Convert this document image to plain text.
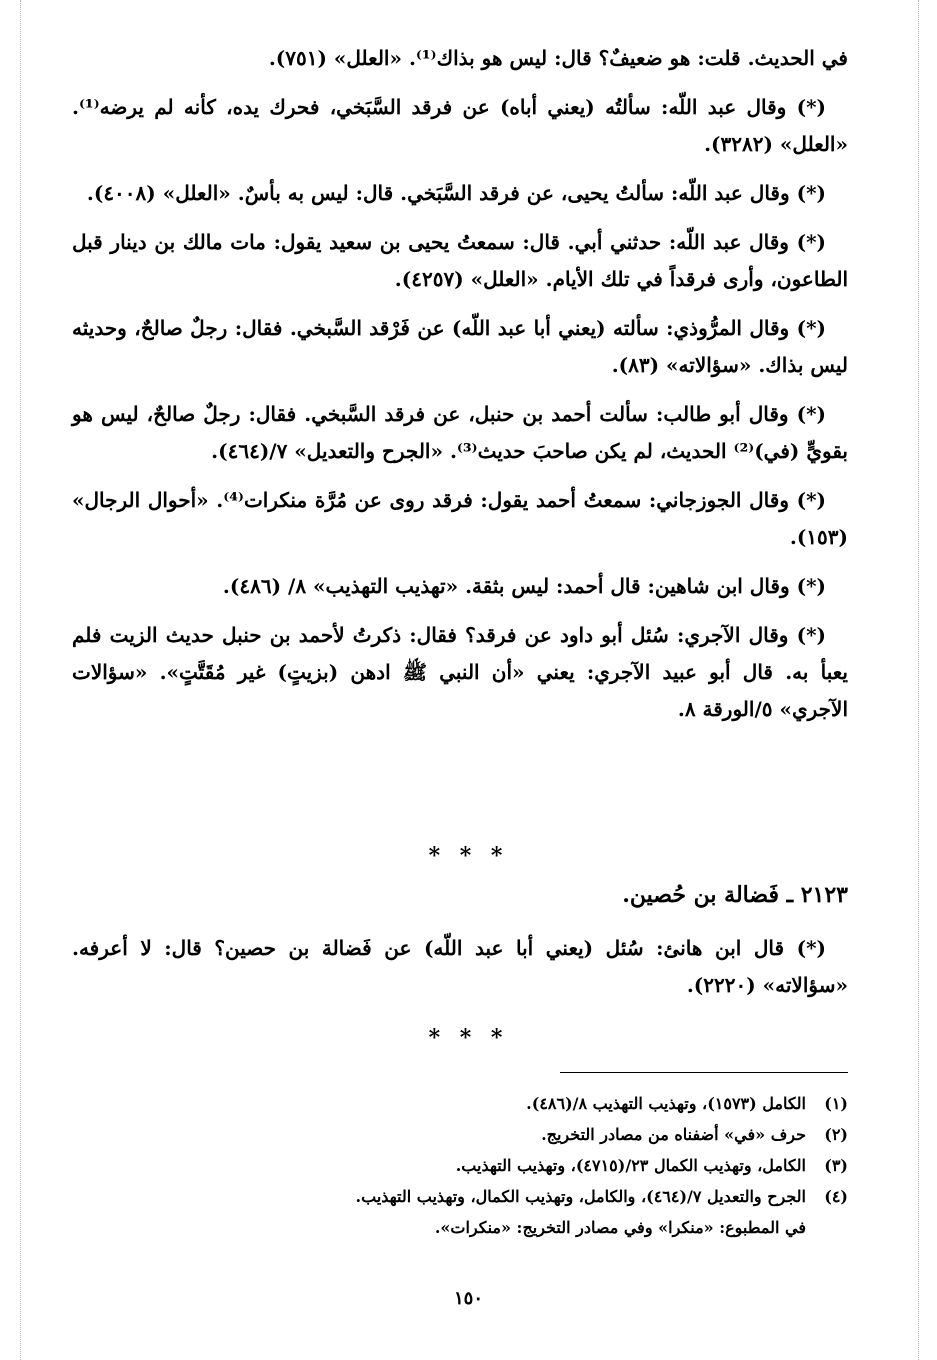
في الحديث. قلت: هو ضعيفٌ؟ قال: ليس هو بذاك⁽¹⁾. «العلل» (٧٥١).

(*) وقال عبد اللّه: سألتُه (يعني أباه) عن فرقد السَّبَخي، فحرك يده، كأنه لم يرضه⁽¹⁾. «العلل» (٣٢٨٢).

(*) وقال عبد اللّه: سألتُ يحيى، عن فرقد السَّبَخي. قال: ليس به بأسٌ. «العلل» (٤٠٠٨).

(*) وقال عبد اللّه: حدثني أبي. قال: سمعتُ يحيى بن سعيد يقول: مات مالك بن دينار قبل الطاعون، وأرى فرقداً في تلك الأيام. «العلل» (٤٢٥٧).

(*) وقال المرُّوذي: سألته (يعني أبا عبد اللّه) عن فَرْقد السَّبخي. فقال: رجلٌ صالحٌ، وحديثه ليس بذاك. «سؤالاته» (٨٣).

(*) وقال أبو طالب: سألت أحمد بن حنبل، عن فرقد السَّبخي. فقال: رجلٌ صالحٌ، ليس هو بقويٍّ (في)⁽²⁾ الحديث، لم يكن صاحبَ حديث⁽³⁾. «الجرح والتعديل» ٧/(٤٦٤).

(*) وقال الجوزجاني: سمعتُ أحمد يقول: فرقد روى عن مُرَّة منكرات⁽⁴⁾. «أحوال الرجال» (١٥٣).

(*) وقال ابن شاهين: قال أحمد: ليس بثقة. «تهذيب التهذيب» ٨/ (٤٨٦).

(*) وقال الآجري: سُئل أبو داود عن فرقد؟ فقال: ذكرتُ لأحمد بن حنبل حديث الزيت فلم يعبأ به. قال أبو عبيد الآجري: يعني «أن النبي ﷺ ادهن (بزيتٍ) غير مُقَتَّتٍ». «سؤالات الآجري» ٥/الورقة ٨.

* * *
٢١٢٣ ـ فَضالة بن حُصين.

(*) قال ابن هانئ: سُئل (يعني أبا عبد اللّه) عن فَضالة بن حصين؟ قال: لا أعرفه. «سؤالاته» (٢٢٢٠).

* * *
(١)
الكامل (١٥٧٣)، وتهذيب التهذيب ٨/(٤٨٦).
(٢)
حرف «في» أضفناه من مصادر التخريج.
(٣)
الكامل، وتهذيب الكمال ٢٣/(٤٧١٥)، وتهذيب التهذيب.
(٤)
الجرح والتعديل ٧/(٤٦٤)، والكامل، وتهذيب الكمال، وتهذيب التهذيب.
في المطبوع: «منكرا» وفي مصادر التخريج: «منكرات».
١٥٠
